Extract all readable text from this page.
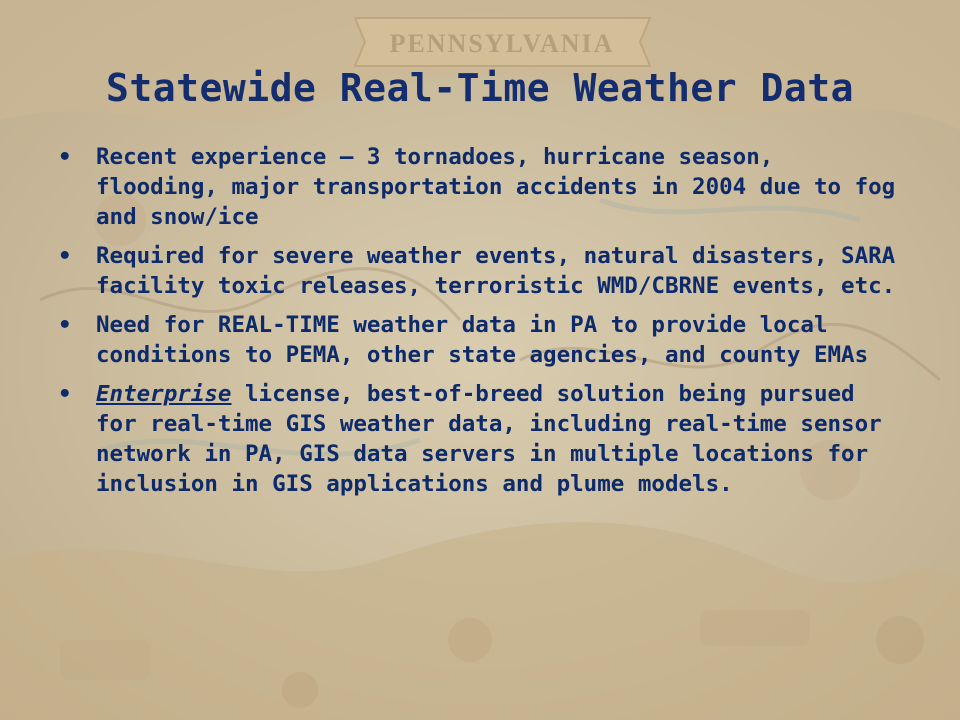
PENNSYLVANIA
Statewide Real-Time Weather Data
• Recent experience – 3 tornadoes, hurricane season, flooding, major transportation accidents in 2004 due to fog and snow/ice
• Required for severe weather events, natural disasters, SARA facility toxic releases, terroristic WMD/CBRNE events, etc.
• Need for REAL-TIME weather data in PA to provide local conditions to PEMA, other state agencies, and county EMAs
• Enterprise license, best-of-breed solution being pursued for real-time GIS weather data, including real-time sensor network in PA, GIS data servers in multiple locations for inclusion in GIS applications and plume models.
